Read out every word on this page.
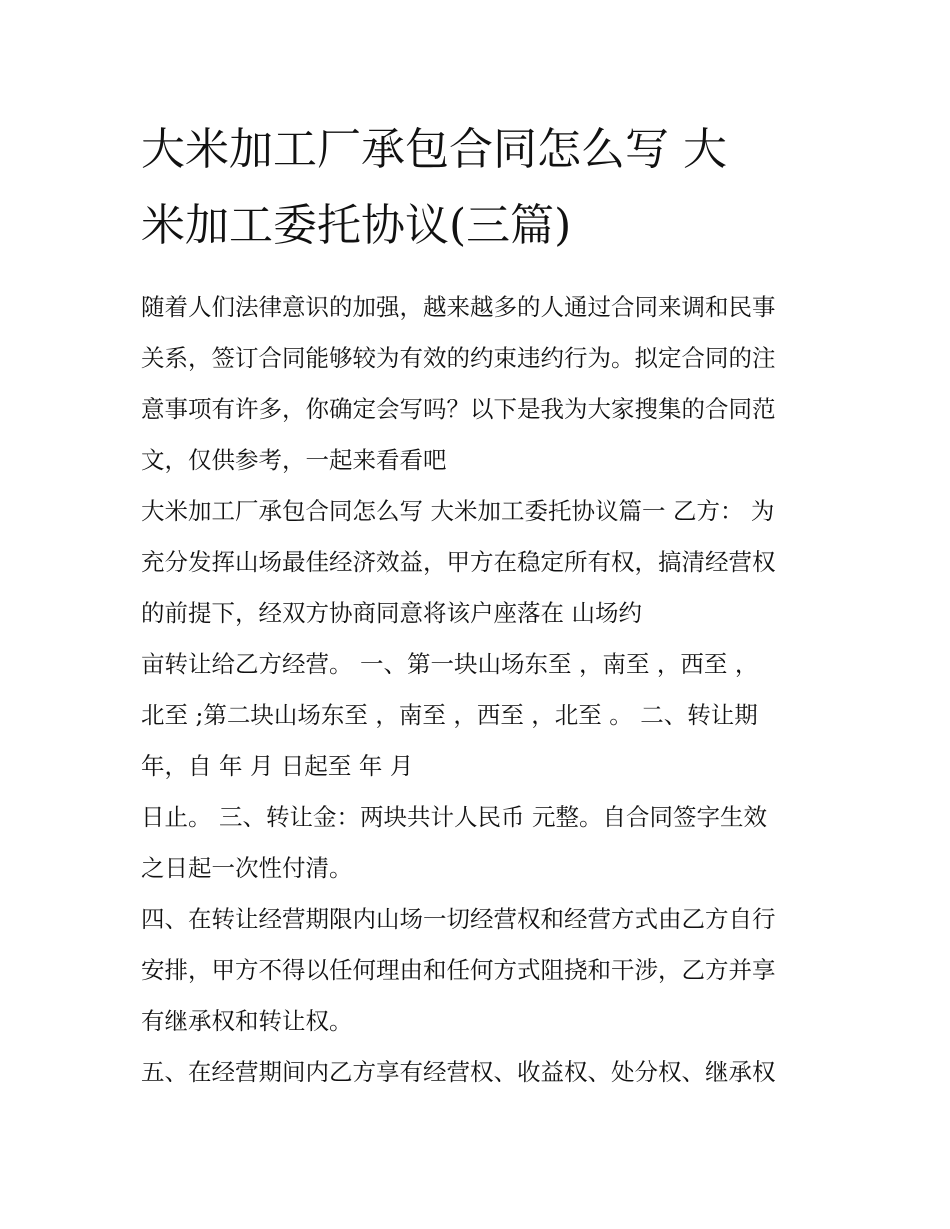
大米加工厂承包合同怎么写 大
米加工委托协议(三篇)

随着人们法律意识的加强，越来越多的人通过合同来调和民事
关系，签订合同能够较为有效的约束违约行为。拟定合同的注
意事项有许多，你确定会写吗？以下是我为大家搜集的合同范
文，仅供参考，一起来看看吧

大米加工厂承包合同怎么写 大米加工委托协议篇一 乙方： 为
充分发挥山场最佳经济效益，甲方在稳定所有权，搞清经营权
的前提下，经双方协商同意将该户座落在 山场约
亩转让给乙方经营。 一、第一块山场东至 ，南至 ，西至 ，
北至 ;第二块山场东至 ，南至 ，西至 ，北至 。 二、转让期
年，自 年 月 日起至 年 月

日止。 三、转让金：两块共计人民币 元整。自合同签字生效
之日起一次性付清。

四、在转让经营期限内山场一切经营权和经营方式由乙方自行
安排，甲方不得以任何理由和任何方式阻挠和干涉，乙方并享
有继承权和转让权。

五、在经营期间内乙方享有经营权、收益权、处分权、继承权
